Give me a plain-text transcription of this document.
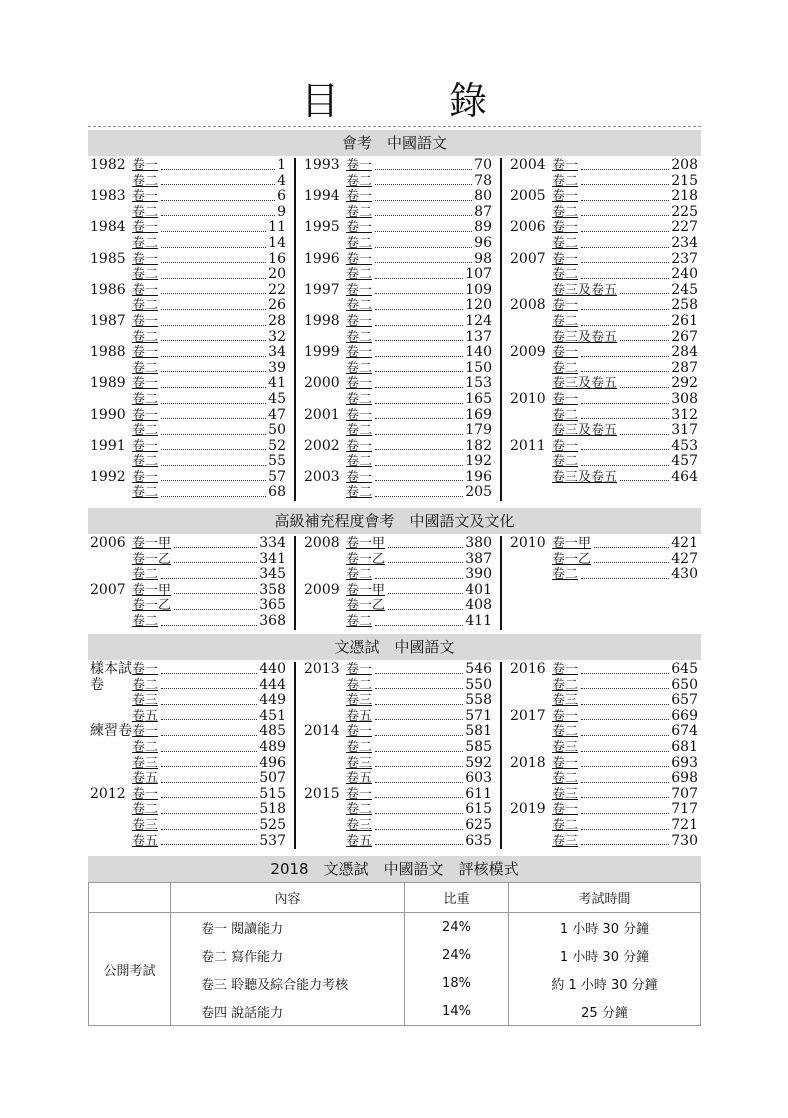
目錄
會考　中國語文
1982 卷一	1
卷二	4
1983 卷一	6
卷二	9
1984 卷一	11
卷二	14
1985 卷一	16
卷二	20
1986 卷一	22
卷二	26
1987 卷一	28
卷二	32
1988 卷一	34
卷二	39
1989 卷一	41
卷二	45
1990 卷一	47
卷二	50
1991 卷一	52
卷二	55
1992 卷一	57
卷二	68
1993 卷一	70
卷二	78
1994 卷一	80
卷二	87
1995 卷一	89
卷二	96
1996 卷一	98
卷二	107
1997 卷一	109
卷二	120
1998 卷一	124
卷二	137
1999 卷一	140
卷二	150
2000 卷一	153
卷二	165
2001 卷一	169
卷二	179
2002 卷一	182
卷二	192
2003 卷一	196
卷二	205
2004 卷一	208
卷二	215
2005 卷一	218
卷二	225
2006 卷一	227
卷二	234
2007 卷一	237
卷二	240
卷三及卷五	245
2008 卷一	258
卷二	261
卷三及卷五	267
2009 卷一	284
卷二	287
卷三及卷五	292
2010 卷一	308
卷二	312
卷三及卷五	317
2011 卷一	453
卷二	457
卷三及卷五	464
高級補充程度會考　中國語文及文化
2006 卷一甲	334
卷一乙	341
卷二	345
2007 卷一甲	358
卷一乙	365
卷二	368
2008 卷一甲	380
卷一乙	387
卷二	390
2009 卷一甲	401
卷一乙	408
卷二	411
2010 卷一甲	421
卷一乙	427
卷二	430
文憑試　中國語文
樣本試卷
卷一	440
卷二	444
卷三	449
卷五	451
練習卷 卷一	485
卷二	489
卷三	496
卷五	507
2012 卷一	515
卷二	518
卷三	525
卷五	537
2013 卷一	546
卷二	550
卷三	558
卷五	571
2014 卷一	581
卷二	585
卷三	592
卷五	603
2015 卷一	611
卷二	615
卷三	625
卷五	635
2016 卷一	645
卷二	650
卷三	657
2017 卷一	669
卷二	674
卷三	681
2018 卷一	693
卷二	698
卷三	707
2019 卷一	717
卷二	721
卷三	730
2018　文憑試　中國語文　評核模式
	內容	比重	考試時間
公開考試	卷一 閱讀能力	24%	1 小時 30 分鐘
	卷二 寫作能力	24%	1 小時 30 分鐘
	卷三 聆聽及綜合能力考核	18%	約 1 小時 30 分鐘
	卷四 說話能力	14%	25 分鐘
